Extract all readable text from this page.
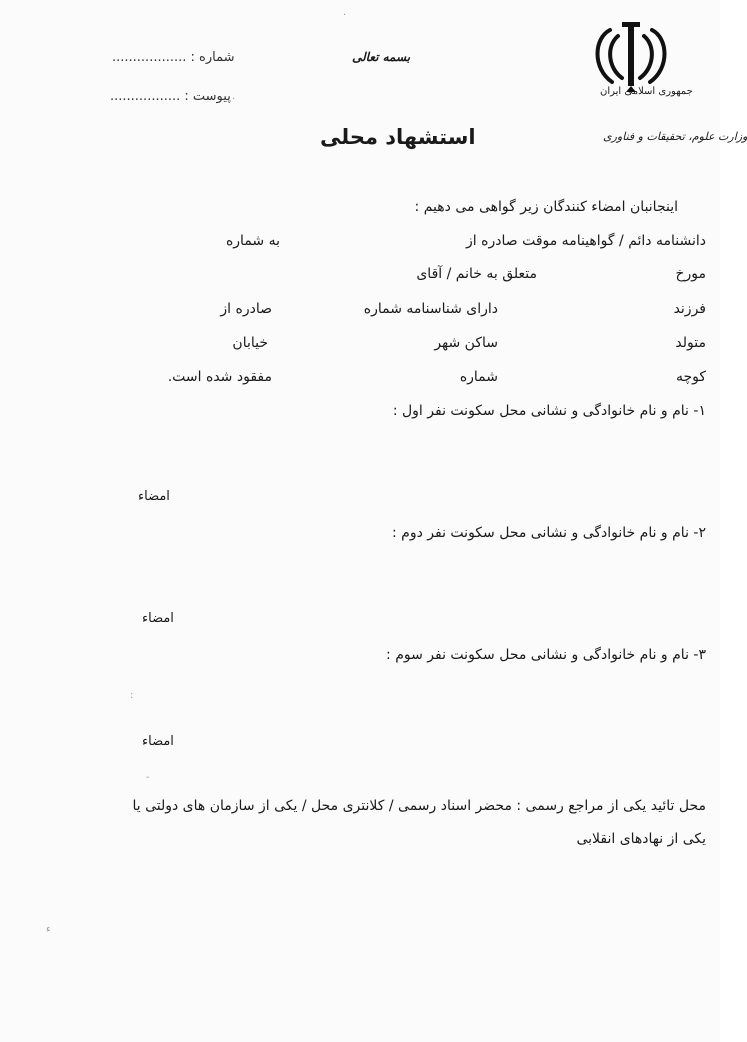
جمهوری اسلامی ایران
وزارت علوم، تحقیقات و فناوری
بسمه تعالی
شماره : ..................
پیوست : .................
استشهاد محلی
اینجانبان امضاء کنندگان زیر گواهی می دهیم :
دانشنامه دائم / گواهینامه موقت صادره از
به شماره
مورخ
متعلق به خانم / آقای
فرزند
دارای شناسنامه شماره
صادره از
متولد
ساکن شهر
خیابان
کوچه
شماره
مفقود شده است.
۱- نام و نام خانوادگی و نشانی محل سکونت نفر اول :
امضاء
۲- نام و نام خانوادگی و نشانی محل سکونت نفر دوم :
امضاء
۳- نام و نام خانوادگی و نشانی محل سکونت نفر سوم :
امضاء
محل تائید یکی از مراجع رسمی : محضر اسناد رسمی / کلانتری محل / یکی از سازمان های دولتی یا
یکی از نهادهای انقلابی
·
·
:
-
ء
